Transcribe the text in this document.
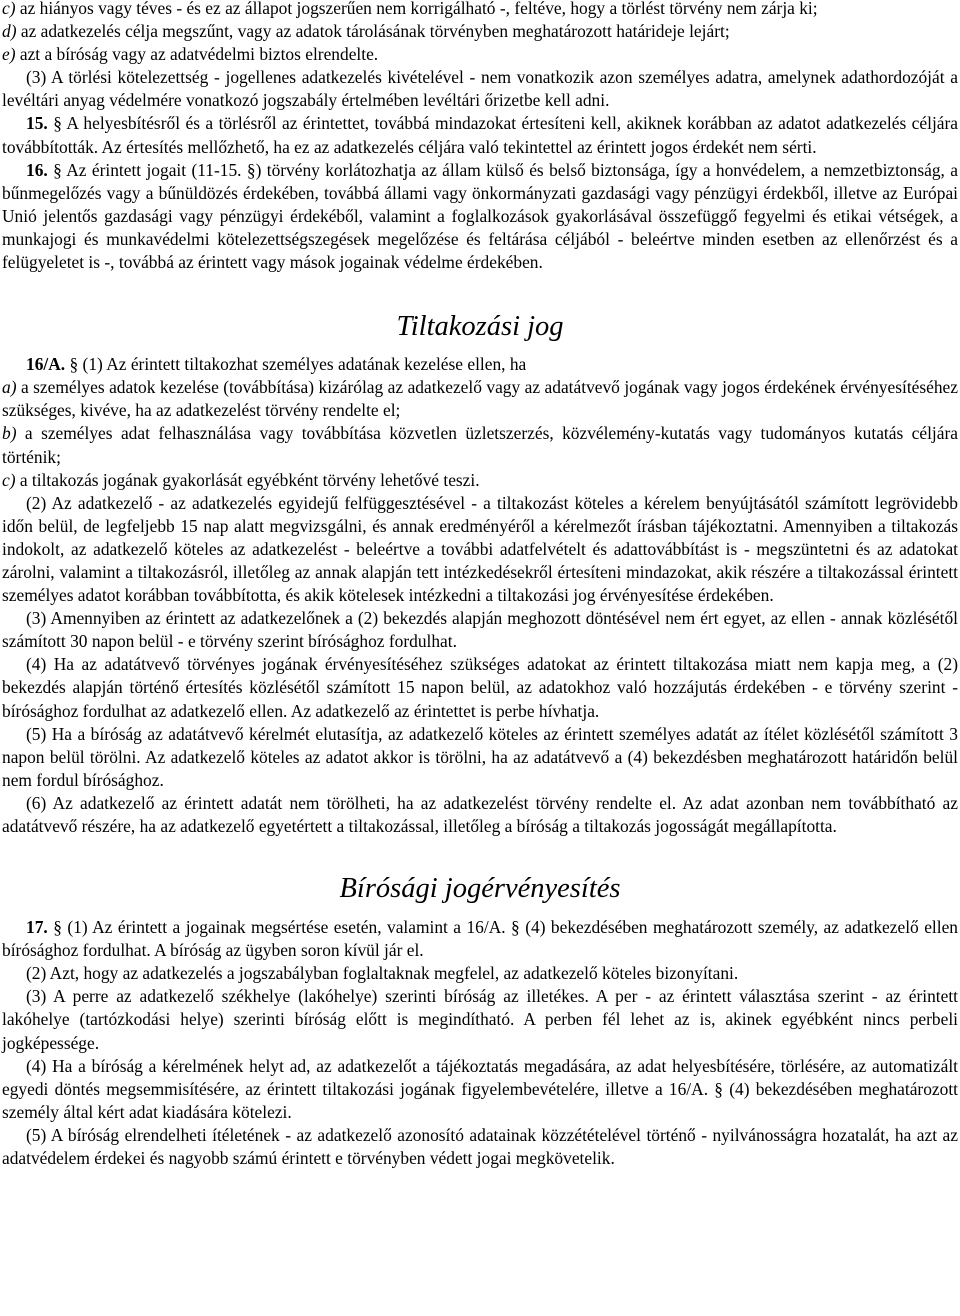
c) az hiányos vagy téves - és ez az állapot jogszerűen nem korrigálható -, feltéve, hogy a törlést törvény nem zárja ki;

d) az adatkezelés célja megszűnt, vagy az adatok tárolásának törvényben meghatározott határideje lejárt;

e) azt a bíróság vagy az adatvédelmi biztos elrendelte.

(3) A törlési kötelezettség - jogellenes adatkezelés kivételével - nem vonatkozik azon személyes adatra, amelynek adathordozóját a levéltári anyag védelmére vonatkozó jogszabály értelmében levéltári őrizetbe kell adni.

15. § A helyesbítésről és a törlésről az érintettet, továbbá mindazokat értesíteni kell, akiknek korábban az adatot adatkezelés céljára továbbították. Az értesítés mellőzhető, ha ez az adatkezelés céljára való tekintettel az érintett jogos érdekét nem sérti.

16. § Az érintett jogait (11-15. §) törvény korlátozhatja az állam külső és belső biztonsága, így a honvédelem, a nemzetbiztonság, a bűnmegelőzés vagy a bűnüldözés érdekében, továbbá állami vagy önkormányzati gazdasági vagy pénzügyi érdekből, illetve az Európai Unió jelentős gazdasági vagy pénzügyi érdekéből, valamint a foglalkozások gyakorlásával összefüggő fegyelmi és etikai vétségek, a munkajogi és munkavédelmi kötelezettségszegések megelőzése és feltárása céljából - beleértve minden esetben az ellenőrzést és a felügyeletet is -, továbbá az érintett vagy mások jogainak védelme érdekében.

Tiltakozási jog

16/A. § (1) Az érintett tiltakozhat személyes adatának kezelése ellen, ha

a) a személyes adatok kezelése (továbbítása) kizárólag az adatkezelő vagy az adatátvevő jogának vagy jogos érdekének érvényesítéséhez szükséges, kivéve, ha az adatkezelést törvény rendelte el;

b) a személyes adat felhasználása vagy továbbítása közvetlen üzletszerzés, közvélemény-kutatás vagy tudományos kutatás céljára történik;

c) a tiltakozás jogának gyakorlását egyébként törvény lehetővé teszi.

(2) Az adatkezelő - az adatkezelés egyidejű felfüggesztésével - a tiltakozást köteles a kérelem benyújtásától számított legrövidebb időn belül, de legfeljebb 15 nap alatt megvizsgálni, és annak eredményéről a kérelmezőt írásban tájékoztatni. Amennyiben a tiltakozás indokolt, az adatkezelő köteles az adatkezelést - beleértve a további adatfelvételt és adattovábbítást is - megszüntetni és az adatokat zárolni, valamint a tiltakozásról, illetőleg az annak alapján tett intézkedésekről értesíteni mindazokat, akik részére a tiltakozással érintett személyes adatot korábban továbbította, és akik kötelesek intézkedni a tiltakozási jog érvényesítése érdekében.

(3) Amennyiben az érintett az adatkezelőnek a (2) bekezdés alapján meghozott döntésével nem ért egyet, az ellen - annak közlésétől számított 30 napon belül - e törvény szerint bírósághoz fordulhat.

(4) Ha az adatátvevő törvényes jogának érvényesítéséhez szükséges adatokat az érintett tiltakozása miatt nem kapja meg, a (2) bekezdés alapján történő értesítés közlésétől számított 15 napon belül, az adatokhoz való hozzájutás érdekében - e törvény szerint - bírósághoz fordulhat az adatkezelő ellen. Az adatkezelő az érintettet is perbe hívhatja.

(5) Ha a bíróság az adatátvevő kérelmét elutasítja, az adatkezelő köteles az érintett személyes adatát az ítélet közlésétől számított 3 napon belül törölni. Az adatkezelő köteles az adatot akkor is törölni, ha az adatátvevő a (4) bekezdésben meghatározott határidőn belül nem fordul bírósághoz.

(6) Az adatkezelő az érintett adatát nem törölheti, ha az adatkezelést törvény rendelte el. Az adat azonban nem továbbítható az adatátvevő részére, ha az adatkezelő egyetértett a tiltakozással, illetőleg a bíróság a tiltakozás jogosságát megállapította.

Bírósági jogérvényesítés

17. § (1) Az érintett a jogainak megsértése esetén, valamint a 16/A. § (4) bekezdésében meghatározott személy, az adatkezelő ellen bírósághoz fordulhat. A bíróság az ügyben soron kívül jár el.

(2) Azt, hogy az adatkezelés a jogszabályban foglaltaknak megfelel, az adatkezelő köteles bizonyítani.

(3) A perre az adatkezelő székhelye (lakóhelye) szerinti bíróság az illetékes. A per - az érintett választása szerint - az érintett lakóhelye (tartózkodási helye) szerinti bíróság előtt is megindítható. A perben fél lehet az is, akinek egyébként nincs perbeli jogképessége.

(4) Ha a bíróság a kérelmének helyt ad, az adatkezelőt a tájékoztatás megadására, az adat helyesbítésére, törlésére, az automatizált egyedi döntés megsemmisítésére, az érintett tiltakozási jogának figyelembevételére, illetve a 16/A. § (4) bekezdésében meghatározott személy által kért adat kiadására kötelezi.

(5) A bíróság elrendelheti ítéletének - az adatkezelő azonosító adatainak közzétételével történő - nyilvánosságra hozatalát, ha azt az adatvédelem érdekei és nagyobb számú érintett e törvényben védett jogai megkövetelik.
